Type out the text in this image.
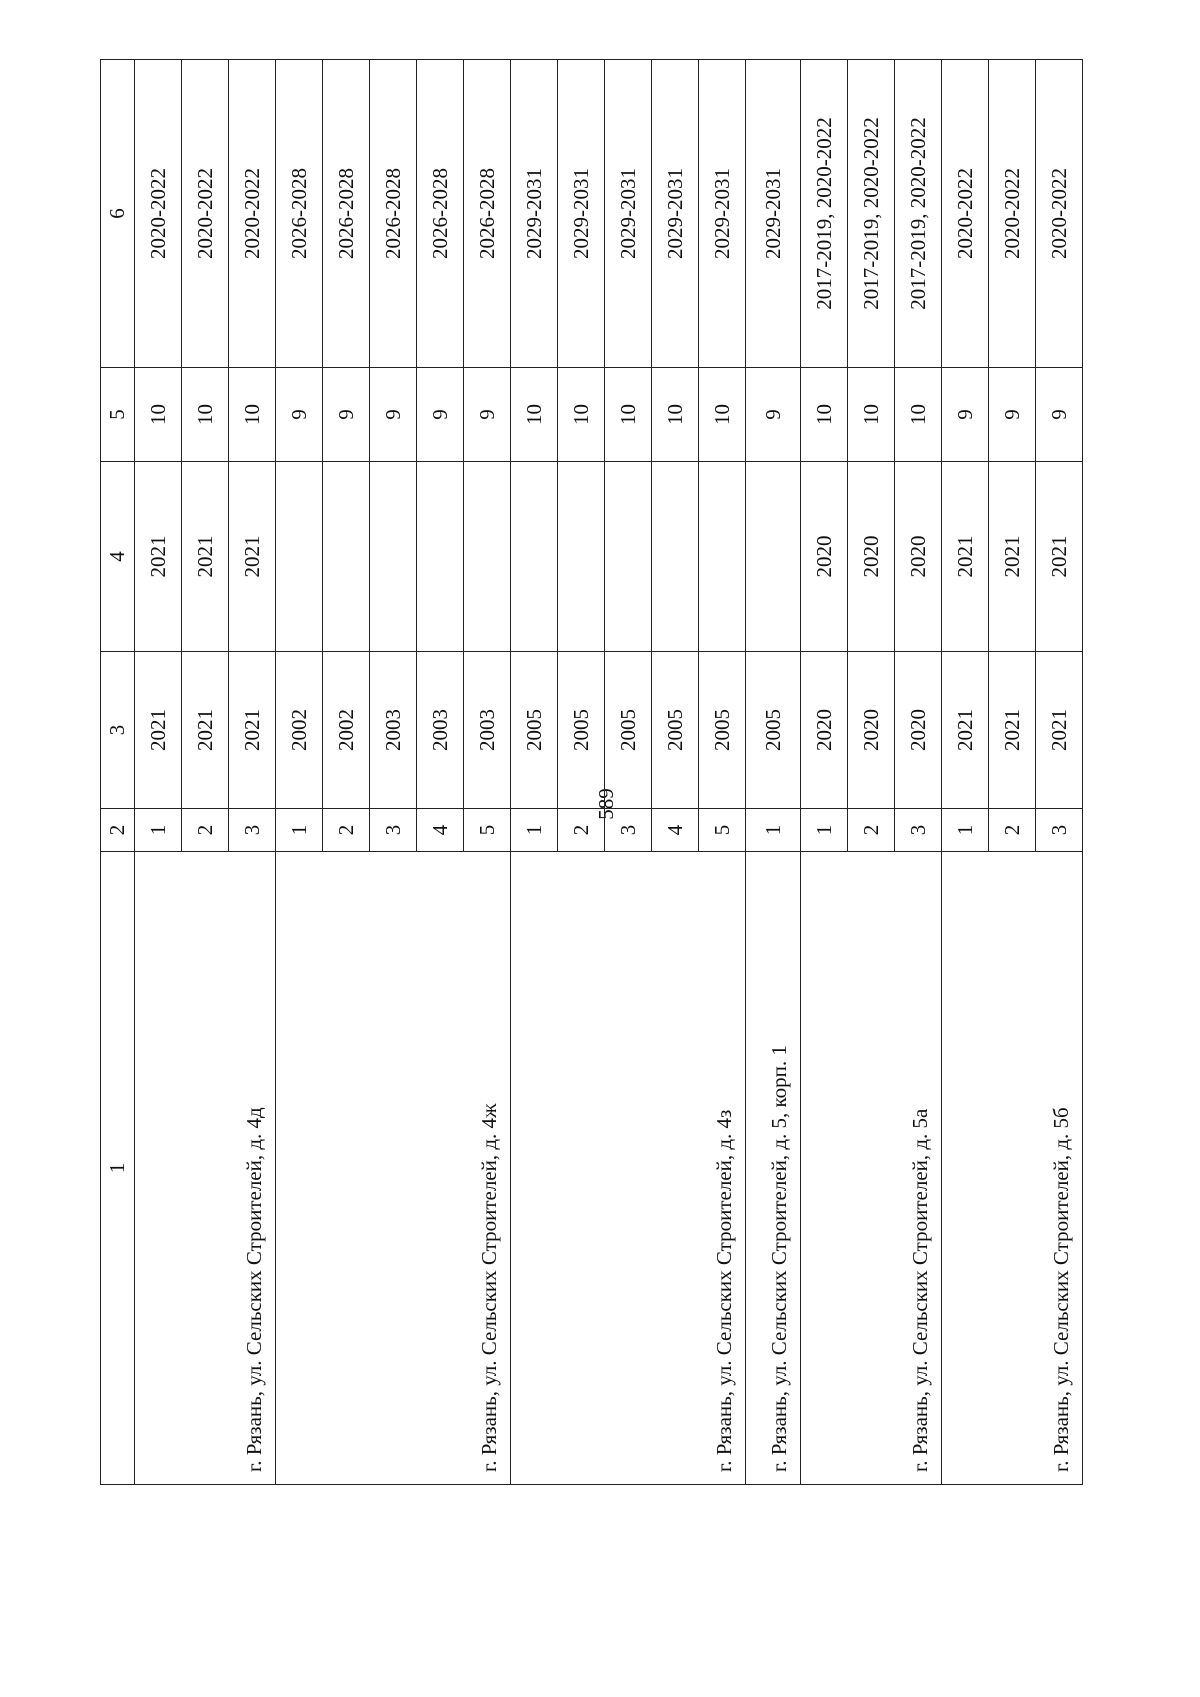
589
1	2	3	4	5	6
г. Рязань, ул. Сельских Строителей, д. 4д	1	2021	2021	10	2020-2022
	2	2021	2021	10	2020-2022
	3	2021	2021	10	2020-2022
г. Рязань, ул. Сельских Строителей, д. 4ж	1	2002		9	2026-2028
	2	2002		9	2026-2028
	3	2003		9	2026-2028
	4	2003		9	2026-2028
	5	2003		9	2026-2028
г. Рязань, ул. Сельских Строителей, д. 4з	1	2005		10	2029-2031
	2	2005		10	2029-2031
	3	2005		10	2029-2031
	4	2005		10	2029-2031
	5	2005		10	2029-2031
г. Рязань, ул. Сельских Строителей, д. 5, корп. 1	1	2005		9	2029-2031
г. Рязань, ул. Сельских Строителей, д. 5а	1	2020	2020	10	2017-2019, 2020-2022
	2	2020	2020	10	2017-2019, 2020-2022
	3	2020	2020	10	2017-2019, 2020-2022
г. Рязань, ул. Сельских Строителей, д. 5б	1	2021	2021	9	2020-2022
	2	2021	2021	9	2020-2022
	3	2021	2021	9	2020-2022
